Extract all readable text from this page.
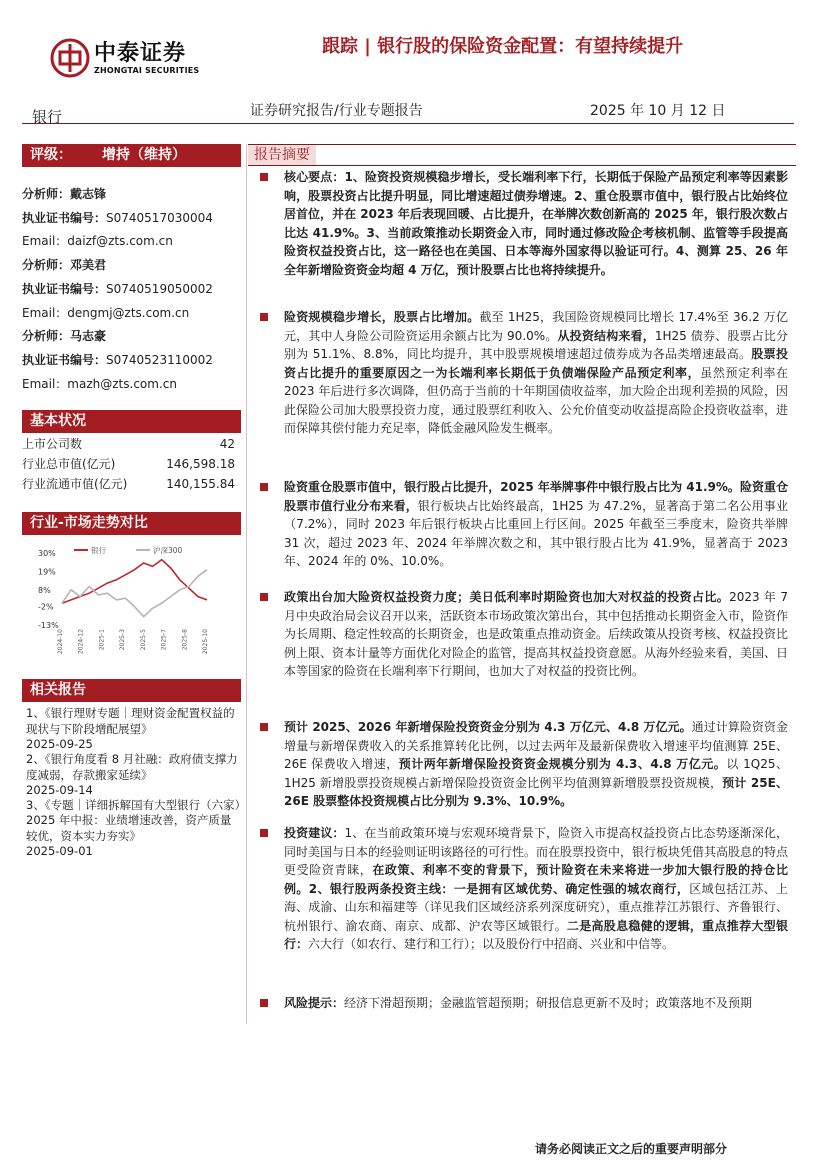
中泰证券
ZHONGTAI SECURITIES
跟踪 | 银行股的保险资金配置：有望持续提升
银行	证券研究报告/行业专题报告	2025 年 10 月 12 日
评级： 增持（维持）
分析师：戴志锋
执业证书编号：S0740517030004
Email：daizf@zts.com.cn
分析师：邓美君
执业证书编号：S0740519050002
Email：dengmj@zts.com.cn
分析师：马志豪
执业证书编号：S0740523110002
Email：mazh@zts.com.cn
基本状况
上市公司数	42
行业总市值(亿元)	146,598.18
行业流通市值(亿元)	140,155.84
行业-市场走势对比
30%
19%
8%
-2%
-13%
2024-10 2024-12 2025-1 2025-3 2025-5 2025-7 2025-8 2025-10
银行	沪深300
相关报告
1、《银行理财专题｜理财资金配置权益的现状与下阶段增配展望》
2025-09-25
2、《银行角度看 8 月社融：政府债支撑力度减弱，存款搬家延续》
2025-09-14
3、《专题｜详细拆解国有大型银行（六家）2025 年中报：业绩增速改善，资产质量较优，资本实力夯实》
2025-09-01
报告摘要
核心要点：1、险资投资规模稳步增长，受长端利率下行，长期低于保险产品预定利率等因素影响，股票投资占比提升明显，同比增速超过债券增速。2、重仓股票市值中，银行股占比始终位居首位，并在 2023 年后表现回暖、占比提升，在举牌次数创新高的 2025 年，银行股次数占比达 41.9%。3、当前政策推动长期资金入市，同时通过修改险企考核机制、监管等手段提高险资权益投资占比，这一路径也在美国、日本等海外国家得以验证可行。4、测算 25、26 年全年新增险资资金均超 4 万亿，预计股票占比也将持续提升。
险资规模稳步增长，股票占比增加。截至 1H25，我国险资规模同比增长 17.4%至 36.2 万亿元，其中人身险公司险资运用余额占比为 90.0%。从投资结构来看，1H25 债券、股票占比分别为 51.1%、8.8%，同比均提升，其中股票规模增速超过债券成为各品类增速最高。股票投资占比提升的重要原因之一为长端利率长期低于负债端保险产品预定利率，虽然预定利率在 2023 年后进行多次调降，但仍高于当前的十年期国债收益率，加大险企出现利差损的风险，因此保险公司加大股票投资力度，通过股票红利收入、公允价值变动收益提高险企投资收益率，进而保障其偿付能力充足率，降低金融风险发生概率。
险资重仓股票市值中，银行股占比提升，2025 年举牌事件中银行股占比为 41.9%。险资重仓股票市值行业分布来看，银行板块占比始终最高，1H25 为 47.2%，显著高于第二名公用事业（7.2%），同时 2023 年后银行板块占比重回上行区间。2025 年截至三季度末，险资共举牌 31 次，超过 2023 年、2024 年举牌次数之和，其中银行股占比为 41.9%，显著高于 2023 年、2024 年的 0%、10.0%。
政策出台加大险资权益投资力度；美日低利率时期险资也加大对权益的投资占比。2023 年 7 月中央政治局会议召开以来，活跃资本市场政策次第出台，其中包括推动长期资金入市，险资作为长周期、稳定性较高的长期资金，也是政策重点推动资金。后续政策从投资考核、权益投资比例上限、资本计量等方面优化对险企的监管，提高其权益投资意愿。从海外经验来看，美国、日本等国家的险资在长端利率下行期间，也加大了对权益的投资比例。
预计 2025、2026 年新增保险投资资金分别为 4.3 万亿元、4.8 万亿元。通过计算险资资金增量与新增保费收入的关系推算转化比例，以过去两年及最新保费收入增速平均值测算 25E、26E 保费收入增速，预计两年新增保险投资资金规模分别为 4.3、4.8 万亿元。以 1Q25、1H25 新增股票投资规模占新增保险投资资金比例平均值测算新增股票投资规模，预计 25E、26E 股票整体投资规模占比分别为 9.3%、10.9%。
投资建议：1、在当前政策环境与宏观环境背景下，险资入市提高权益投资占比态势逐渐深化，同时美国与日本的经验则证明该路径的可行性。而在股票投资中，银行板块凭借其高股息的特点更受险资青睐，在政策、利率不变的背景下，预计险资在未来将进一步加大银行股的持仓比例。2、银行股两条投资主线：一是拥有区域优势、确定性强的城农商行，区域包括江苏、上海、成渝、山东和福建等（详见我们区域经济系列深度研究），重点推荐江苏银行、齐鲁银行、杭州银行、渝农商、南京、成都、沪农等区域银行。二是高股息稳健的逻辑，重点推荐大型银行：六大行（如农行、建行和工行）；以及股份行中招商、兴业和中信等。
风险提示：经济下滑超预期；金融监管超预期；研报信息更新不及时；政策落地不及预期
请务必阅读正文之后的重要声明部分
